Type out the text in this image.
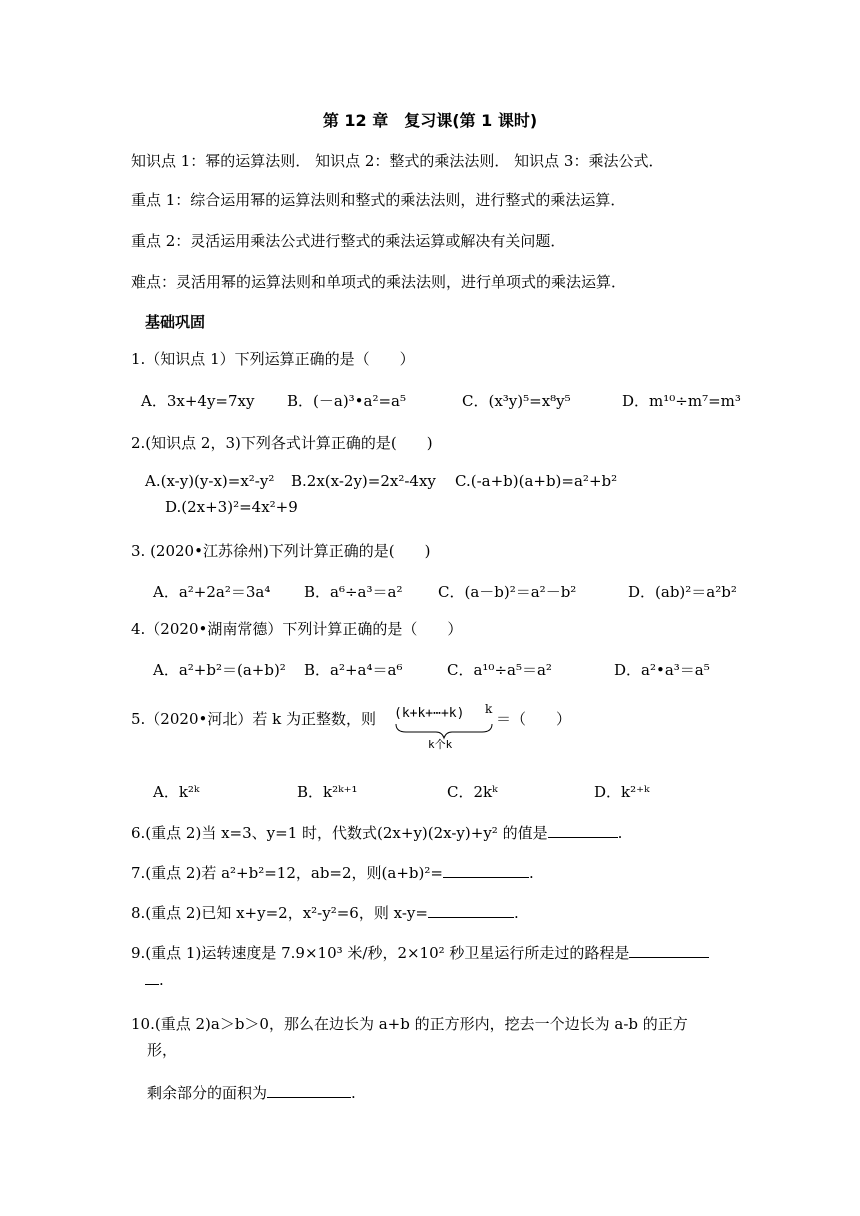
第 12 章　复习课(第 1 课时)
知识点 1：幂的运算法则． 知识点 2：整式的乘法法则． 知识点 3：乘法公式．
重点 1：综合运用幂的运算法则和整式的乘法法则，进行整式的乘法运算．
重点 2：灵活运用乘法公式进行整式的乘法运算或解决有关问题．
难点：灵活用幂的运算法则和单项式的乘法法则，进行单项式的乘法运算．
基础巩固
1.（知识点 1）下列运算正确的是（　　）
A．3x+4y=7xy B．(－a)³•a²=a⁵	C．(x³y)⁵=x⁸y⁵	D．m¹⁰÷m⁷=m³
2.(知识点 2，3)下列各式计算正确的是(　　)
A.(x-y)(y-x)=x²-y² B.2x(x-2y)=2x²-4xy C.(-a+b)(a+b)=a²+b²
D.(2x+3)²=4x²+9
3. (2020•江苏徐州)下列计算正确的是(　　)
A．a²+2a²＝3a⁴ B．a⁶÷a³＝a² C．(a－b)²＝a²－b²	D．(ab)²＝a²b²
4.（2020•湖南常德）下列计算正确的是（　　）
A．a²+b²＝(a+b)² B．a²+a⁴＝a⁶	C．a¹⁰÷a⁵＝a²	D．a²•a³＝a⁵
5.（2020•河北）若 k 为正整数，则 (k+k+⋯+k)
k个k
k
＝（　　）
A．k²ᵏ	B．k²ᵏ⁺¹	C．2kᵏ	D．k²⁺ᵏ
6.(重点 2)当 x=3、y=1 时，代数式(2x+y)(2x-y)+y² 的值是	.
7.(重点 2)若 a²+b²=12，ab=2，则(a+b)²=	.
8.(重点 2)已知 x+y=2，x²-y²=6，则 x-y=	.
9.(重点 1)运转速度是 7.9×10³ 米/秒，2×10² 秒卫星运行所走过的路程是
.
10.(重点 2)a＞b＞0，那么在边长为 a+b 的正方形内，挖去一个边长为 a-b 的正方
形，
剩余部分的面积为	.
